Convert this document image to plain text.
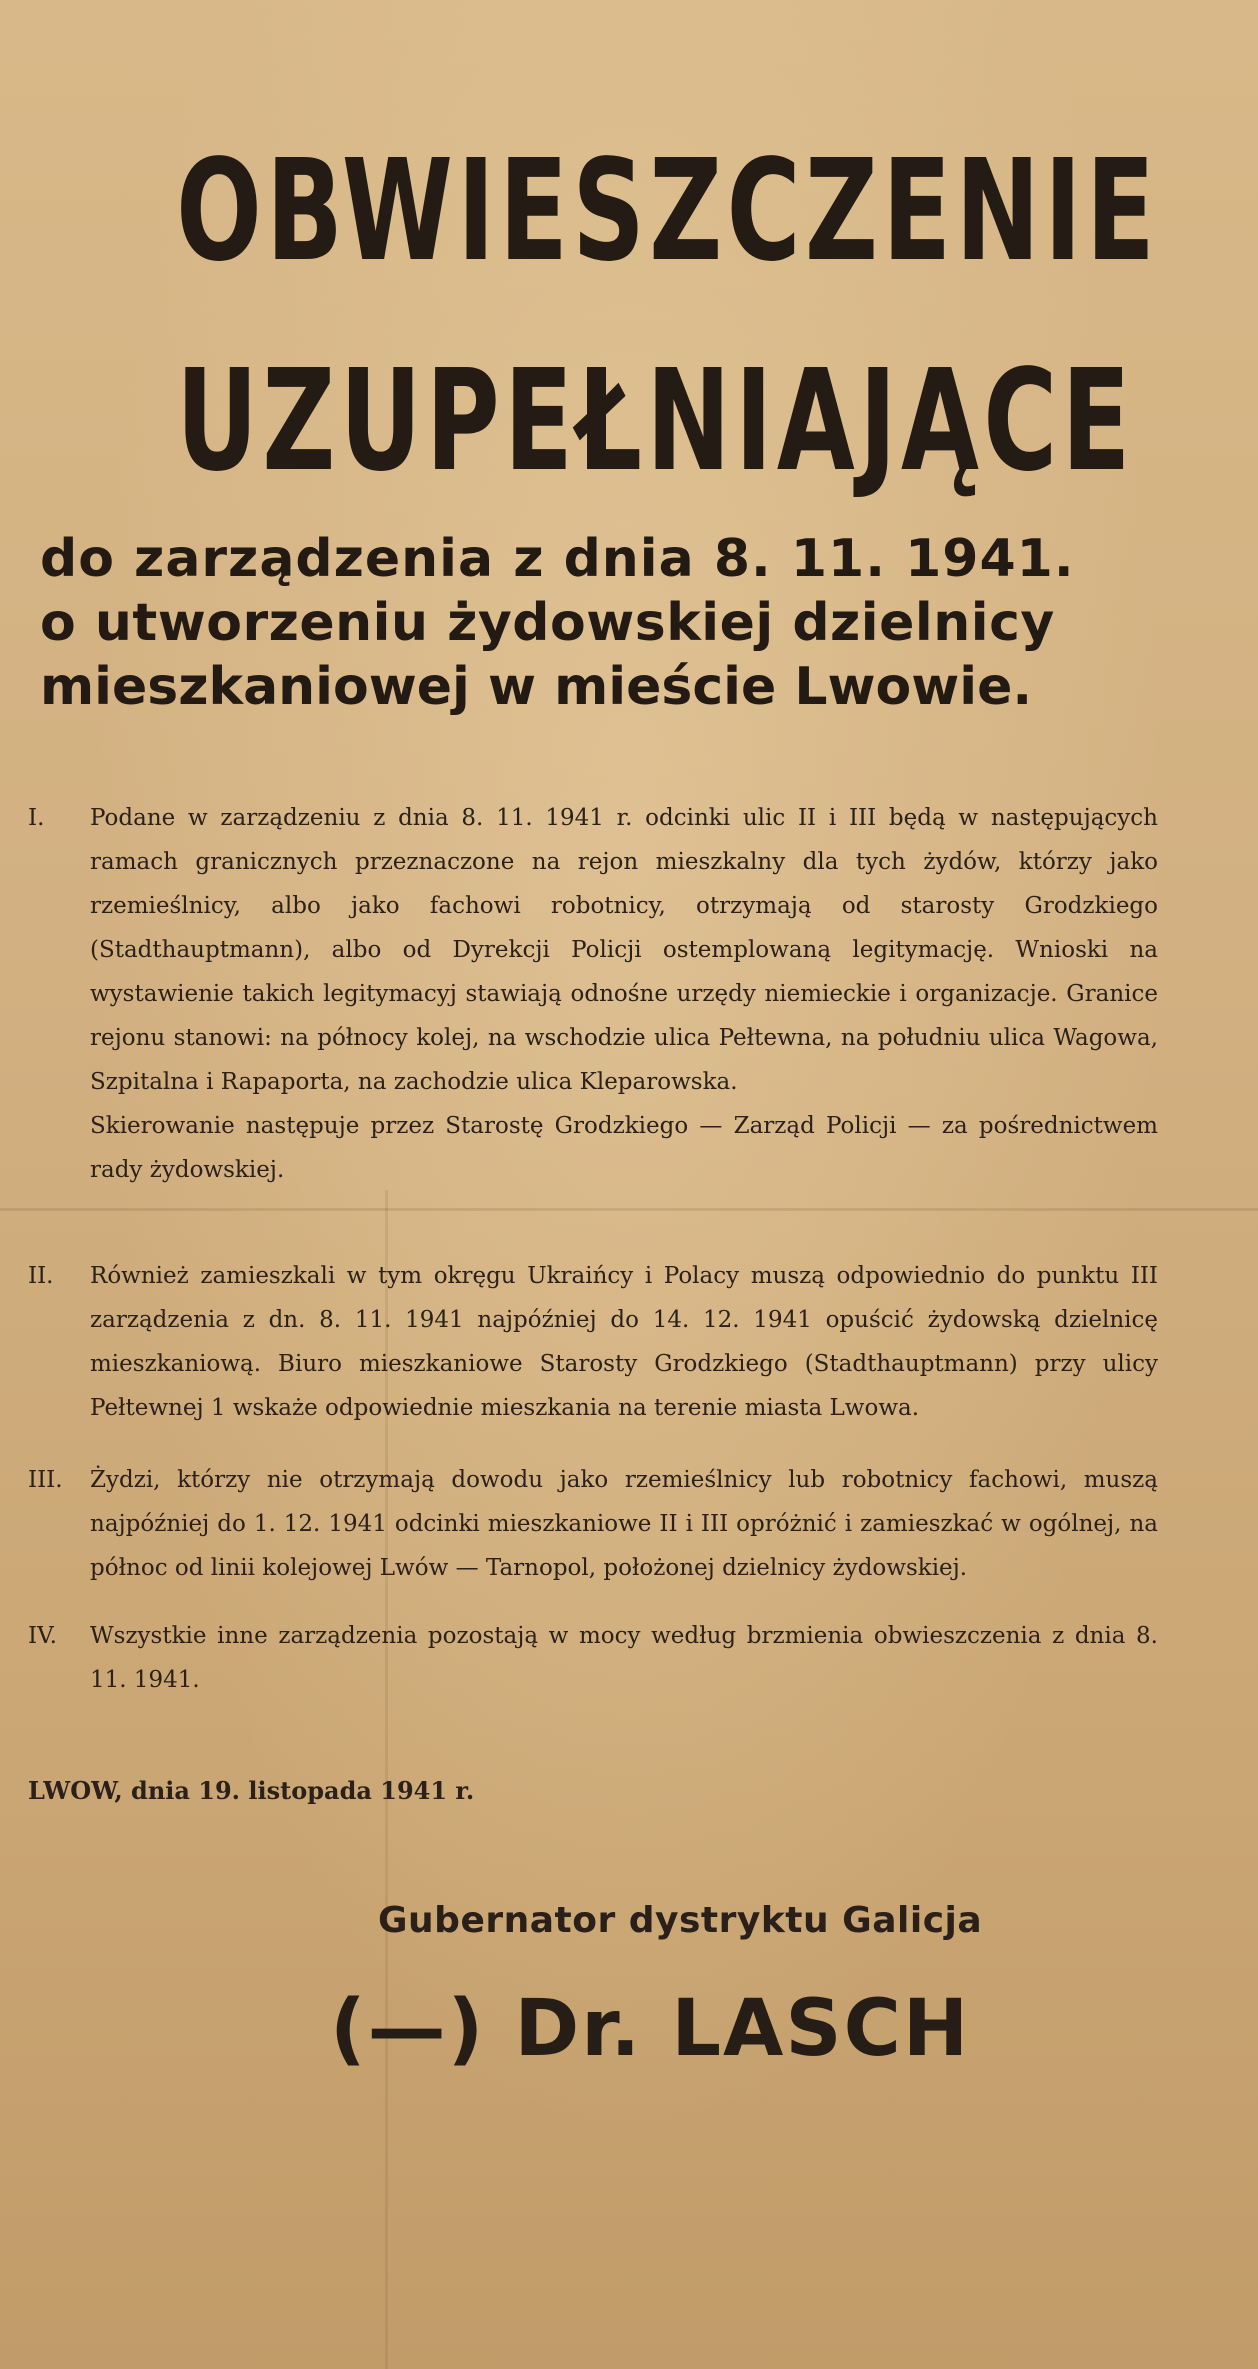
OBWIESZCZENIE
UZUPEŁNIAJĄCE
do zarządzenia z dnia 8. 11. 1941.
o utworzeniu żydowskiej dzielnicy
mieszkaniowej w mieście Lwowie.
I.	Podane w zarządzeniu z dnia 8. 11. 1941 r. odcinki ulic II i III będą w następujących ramach granicznych przeznaczone na rejon mieszkalny dla tych żydów, którzy jako rzemieślnicy, albo jako fachowi robotnicy, otrzymają od starosty Grodzkiego (Stadthauptmann), albo od Dyrekcji Policji ostemplowaną legitymację. Wnioski na wystawienie takich legitymacyj stawiają odnośne urzędy niemieckie i organizacje. Granice rejonu stanowi: na północy kolej, na wschodzie ulica Pełtewna, na południu ulica Wagowa, Szpitalna i Rapaporta, na zachodzie ulica Kleparowska.
Skierowanie następuje przez Starostę Grodzkiego — Zarząd Policji — za pośrednictwem rady żydowskiej.
II.	Również zamieszkali w tym okręgu Ukraińcy i Polacy muszą odpowiednio do punktu III zarządzenia z dn. 8. 11. 1941 najpóźniej do 14. 12. 1941 opuścić żydowską dzielnicę mieszkaniową. Biuro mieszkaniowe Starosty Grodzkiego (Stadthauptmann) przy ulicy Pełtewnej 1 wskaże odpowiednie mieszkania na terenie miasta Lwowa.
III.	Żydzi, którzy nie otrzymają dowodu jako rzemieślnicy lub robotnicy fachowi, muszą najpóźniej do 1. 12. 1941 odcinki mieszkaniowe II i III opróżnić i zamieszkać w ogólnej, na północ od linii kolejowej Lwów — Tarnopol, położonej dzielnicy żydowskiej.
IV.	Wszystkie inne zarządzenia pozostają w mocy według brzmienia obwieszczenia z dnia 8. 11. 1941.
LWOW, dnia 19. listopada 1941 r.
Gubernator dystryktu Galicja
(—) Dr. LASCH
